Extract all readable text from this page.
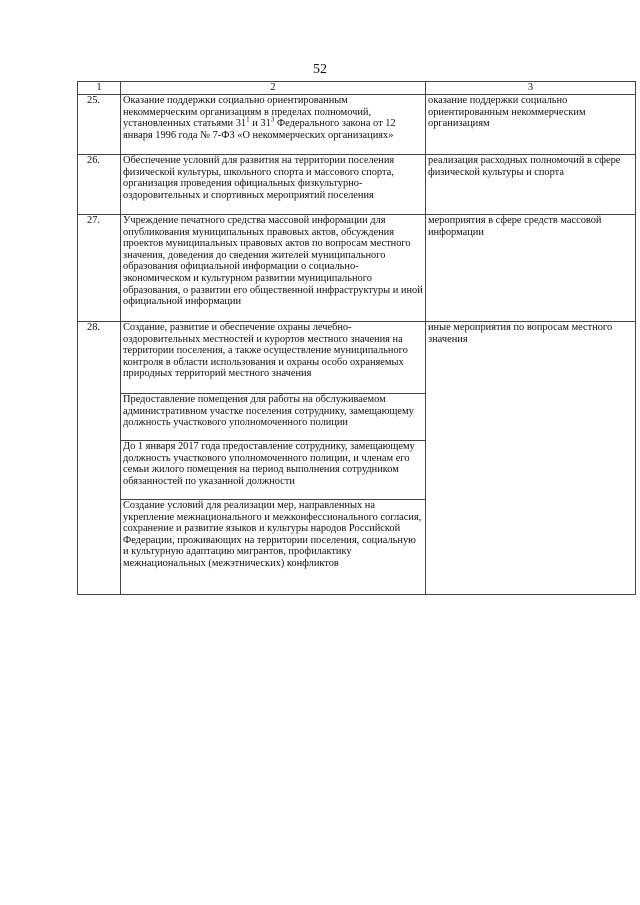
52
1	2	3
25.	Оказание поддержки социально ориентированным некоммерческим организациям в пределах полномочий, установленных статьями $31^1$ и $31^3$ Федерального закона от 12 января 1996 года № 7-ФЗ «О некоммерческих организациях»	оказание поддержки социально ориентированным некоммерческим организациям
26.	Обеспечение условий для развития на территории поселения физической культуры, школьного спорта и массового спорта, организация проведения официальных физкультурно-оздоровительных и спортивных мероприятий поселения	реализация расходных полномочий в сфере физической культуры и спорта
27.	Учреждение печатного средства массовой информации для опубликования муниципальных правовых актов, обсуждения проектов муниципальных правовых актов по вопросам местного значения, доведения до сведения жителей муниципального образования официальной информации о социально-экономическом и культурном развитии муниципального образования, о развитии его общественной инфраструктуры и иной официальной информации	мероприятия в сфере средств массовой информации
28.	Создание, развитие и обеспечение охраны лечебно-оздоровительных местностей и курортов местного значения на территории поселения, а также осуществление муниципального контроля в области использования и охраны особо охраняемых природных территорий местного значения	иные мероприятия по вопросам местного значения
	Предоставление помещения для работы на обслуживаемом административном участке поселения сотруднику, замещающему должность участкового уполномоченного полиции	
	До 1 января 2017 года предоставление сотруднику, замещающему должность участкового уполномоченного полиции, и членам его семьи жилого помещения на период выполнения сотрудником обязанностей по указанной должности	
	Создание условий для реализации мер, направленных на укрепление межнационального и межконфессионального согласия, сохранение и развитие языков и культуры народов Российской Федерации, проживающих на территории поселения, социальную и культурную адаптацию мигрантов, профилактику межнациональных (межэтнических) конфликтов	
